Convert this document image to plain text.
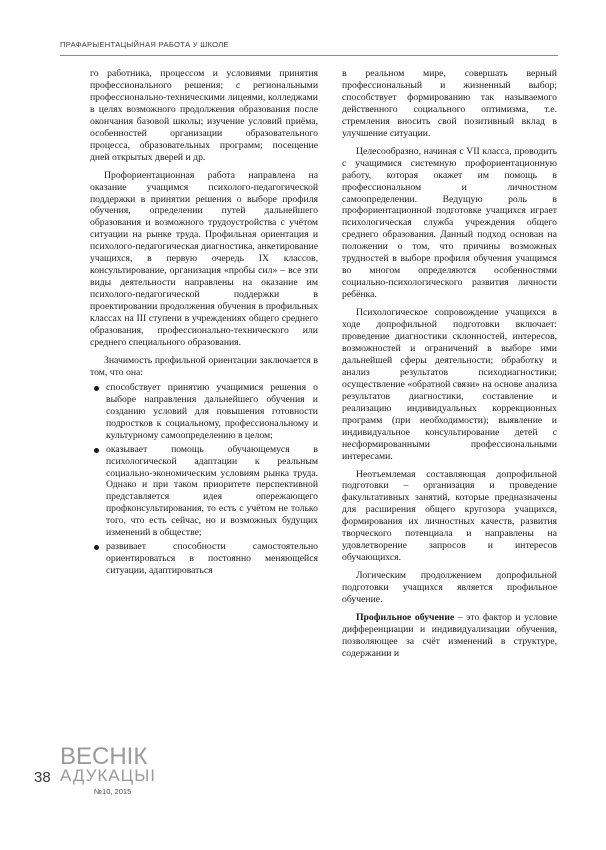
ПРАФАРЫЕНТАЦЫЙНАЯ РАБОТА У ШКОЛЕ

го работника, процессом и условиями принятия профессионального решения; с региональными профессионально-техническими лицеями, колледжами в целях возможного продолжения образования после окончания базовой школы; изучение условий приёма, особенностей организации образовательного процесса, образовательных программ; посещение дней открытых дверей и др.

Профориентационная работа направлена на оказание учащимся психолого-педагогической поддержки в принятии решения о выборе профиля обучения, определении путей дальнейшего образования и возможного трудоустройства с учётом ситуации на рынке труда. Профильная ориентация и психолого-педагогическая диагностика, анкетирование учащихся, в первую очередь IX классов, консультирование, организация «пробы сил» – все эти виды деятельности направлены на оказание им психолого-педагогической поддержки в проектировании продолжения обучения в профильных классах на III ступени в учреждениях общего среднего образования, профессионально-технического или среднего специального образования.

Значимость профильной ориентации заключается в том, что она:

способствует принятию учащимися решения о выборе направления дальнейшего обучения и созданию условий для повышения готовности подростков к социальному, профессиональному и культурному самоопределению в целом;
оказывает помощь обучающемуся в психологической адаптации к реальным социально-экономическим условиям рынка труда. Однако и при таком приоритете перспективной представляется идея опережающего профконсультирования, то есть с учётом не только того, что есть сейчас, но и возможных будущих изменений в обществе;
развивает способности самостоятельно ориентироваться в постоянно меняющейся ситуации, адаптироваться

в реальном мире, совершать верный профессиональный и жизненный выбор; способствует формированию так называемого действенного социального оптимизма, т.е. стремления вносить свой позитивный вклад в улучшение ситуации.

Целесообразно, начиная с VII класса, проводить с учащимися системную профориентационную работу, которая окажет им помощь в профессиональном и личностном самоопределении. Ведущую роль в профориентационной подготовке учащихся играет психологическая служба учреждения общего среднего образования. Данный подход основан на положении о том, что причины возможных трудностей в выборе профиля обучения учащимся во многом определяются особенностями социально-психологического развития личности ребёнка.

Психологическое сопровождение учащихся в ходе допрофильной подготовки включает: проведение диагностики склонностей, интересов, возможностей и ограничений в выборе ими дальнейшей сферы деятельности; обработку и анализ результатов психодиагностики; осуществление «обратной связи» на основе анализа результатов диагностики, составление и реализацию индивидуальных коррекционных программ (при необходимости); выявление и индивидуальное консультирование детей с несформированными профессиональными интересами.

Неотъемлемая составляющая допрофильной подготовки – организация и проведение факультативных занятий, которые предназначены для расширения общего кругозора учащихся, формирования их личностных качеств, развития творческого потенциала и направлены на удовлетворение запросов и интересов обучающихся.

Логическим продолжением допрофильной подготовки учащихся является профильное обучение.

Профильное обучение – это фактор и условие дифференциации и индивидуализации обучения, позволяющее за счёт изменений в структуре, содержании и

ВЕСНІК
АДУКАЦЫІ
38
№10, 2015
